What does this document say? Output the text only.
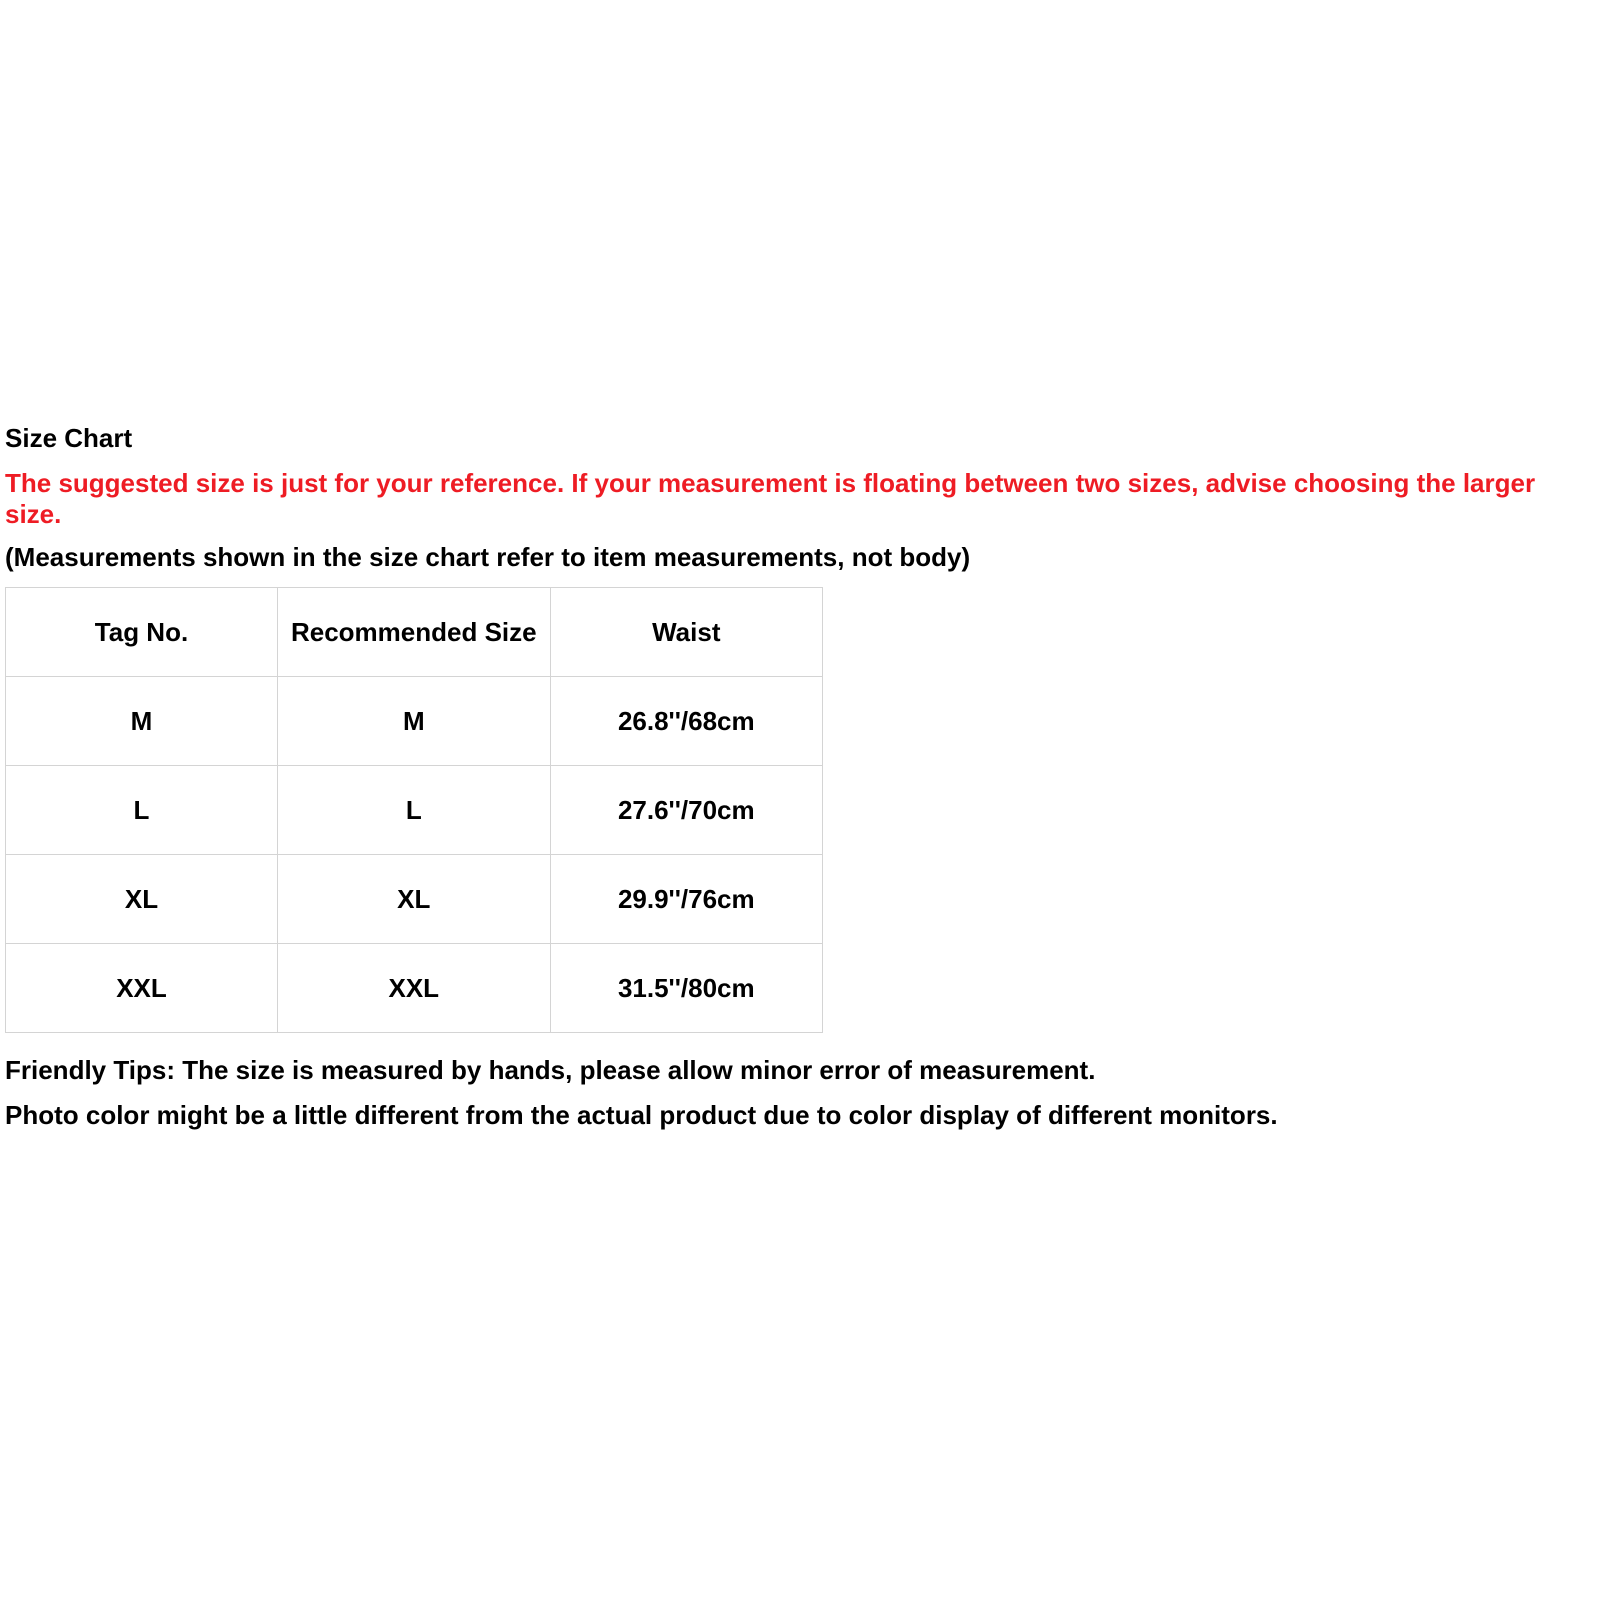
Size Chart
The suggested size is just for your reference. If your measurement is floating between two sizes, advise choosing the larger
size.
(Measurements shown in the size chart refer to item measurements, not body)
Tag No.	Recommended Size	Waist
M	M	26.8''/68cm
L	L	27.6''/70cm
XL	XL	29.9''/76cm
XXL	XXL	31.5''/80cm
Friendly Tips: The size is measured by hands, please allow minor error of measurement.
Photo color might be a little different from the actual product due to color display of different monitors.
